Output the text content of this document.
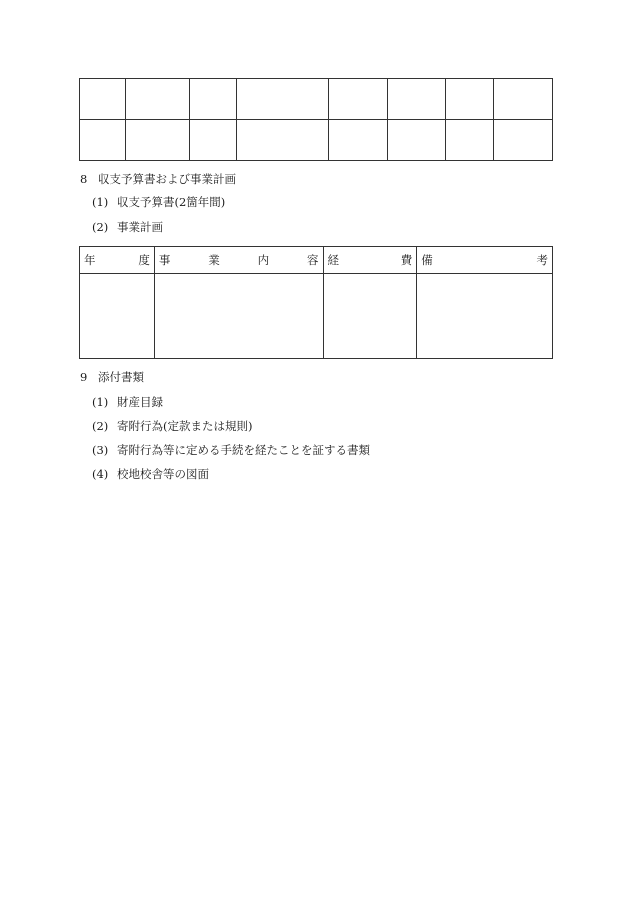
8 収支予算書および事業計画
(1) 収支予算書(2箇年間)
(2) 事業計画
年 度	事 業 内 容	経 費	備 考

9 添付書類
(1) 財産目録
(2) 寄附行為(定款または規則)
(3) 寄附行為等に定める手続を経たことを証する書類
(4) 校地校舎等の図面
